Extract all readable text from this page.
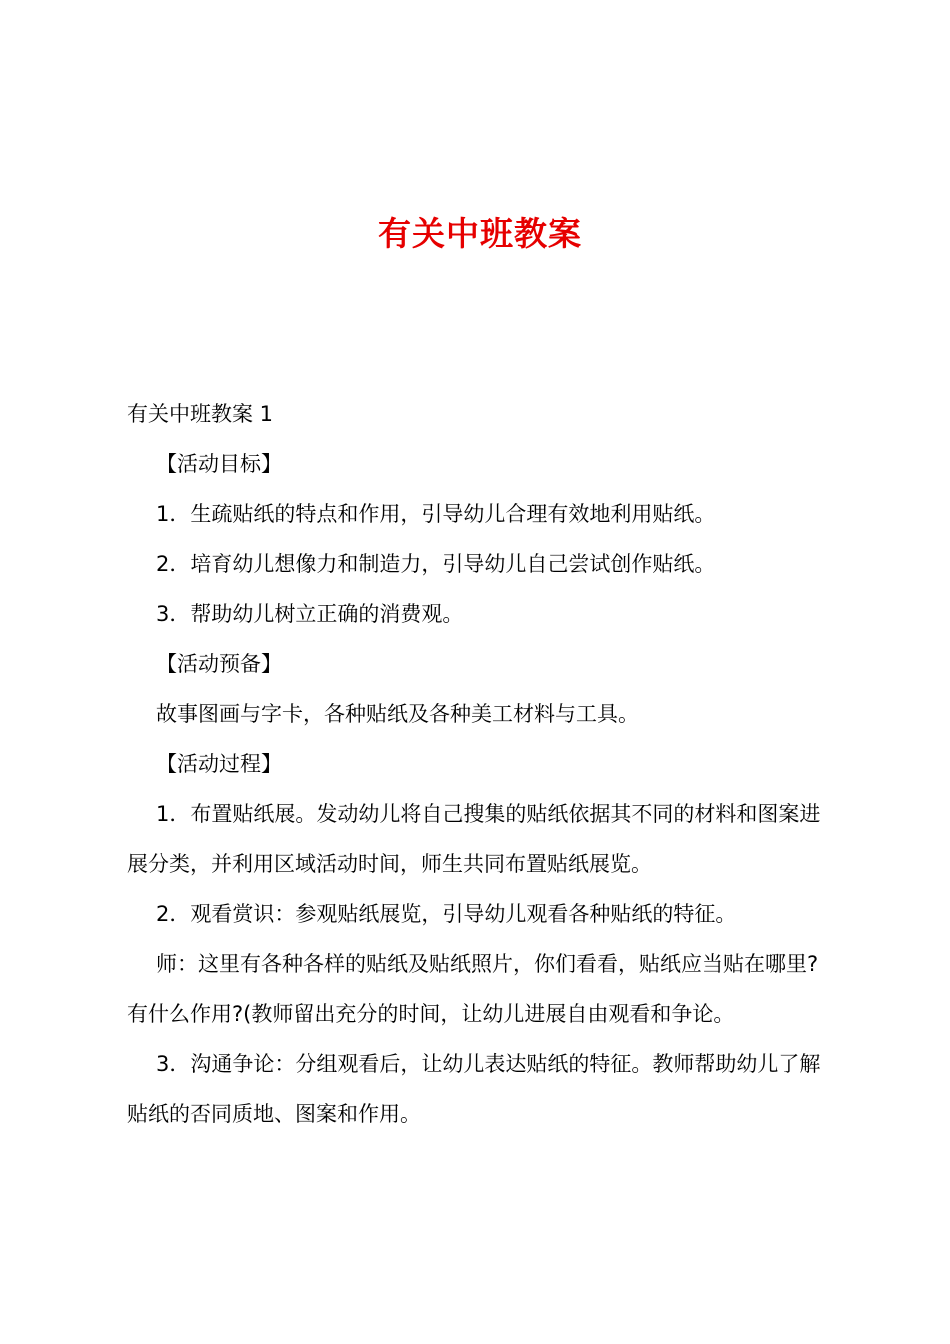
有关中班教案

有关中班教案 1

【活动目标】

1．生疏贴纸的特点和作用，引导幼儿合理有效地利用贴纸。

2．培育幼儿想像力和制造力，引导幼儿自己尝试创作贴纸。

3．帮助幼儿树立正确的消费观。

【活动预备】

故事图画与字卡，各种贴纸及各种美工材料与工具。

【活动过程】

1．布置贴纸展。发动幼儿将自己搜集的贴纸依据其不同的材料和图案进展分类，并利用区域活动时间，师生共同布置贴纸展览。

2．观看赏识：参观贴纸展览，引导幼儿观看各种贴纸的特征。

师：这里有各种各样的贴纸及贴纸照片，你们看看，贴纸应当贴在哪里?有什么作用?(教师留出充分的时间，让幼儿进展自由观看和争论。

3．沟通争论：分组观看后，让幼儿表达贴纸的特征。教师帮助幼儿了解贴纸的否同质地、图案和作用。
